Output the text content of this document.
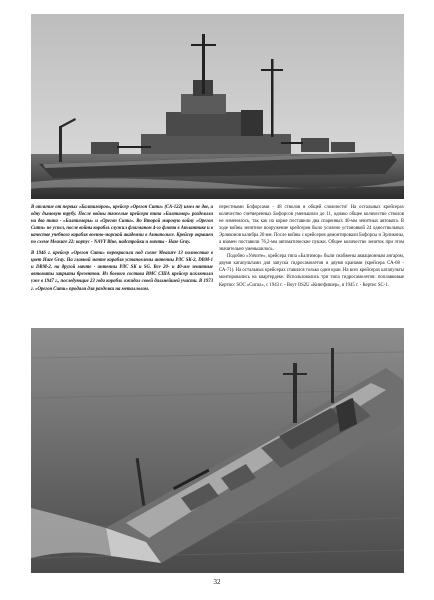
В отличие от первых «Балтиморов», крейсер «Орегон Сити» (СА-122) имел не две, а одну дымовую трубу. После войны тяжелые крейсера типа «Балтимор» разделили на два типа - «Балтиморы» и «Орегон Сити». Во Второй мировую войну «Орегон Сити» не успел, после войны корабль служил флагманом 4-го флота в Атлантике и в качестве учебного корабля военно-морской академии в Аннаполисе. Крейсер окрашен по схеме Measure 22: корпус - NAVY Blue, надстройки и мачты - Haze Gray.

В 1946 г. крейсер «Орегон Сити» перекрасили под схеме Measure 13 полностью в цвет Haze Gray. На главной мачте корабля установлены антенны РЛС SK-2, DBM-1 и DBM-2, на другой мачте - антенны РЛС SK и SG. Все 20- и 40-мм зенитные автоматы закрыты брезентом. Из боевого состава ВМС США крейсер исключили уже в 1947 г., последующие 23 года корабль ожидал своей дальнейшей участи. В 1973 г. «Орегон Сити» продали для разделки на металлолом.

перестными Бофорсами - 48 стволов в общей сложности! На остальных крейсерах количество счетверенных Бофорсов уменьшили до 11, однако общее количество стволов не изменилось, так как на корме поставили два спаренных 40-мм зенитных автомата. В ходе войны зенитное вооружение крейсеров было усилено установкой 24 одноствольных Эрликонов калибра 20 мм. После войны с крейсеров демонтировали Бофорсы и Эрликоны, а взамен поставили 76,2-мм автоматические пушки. Общее количество зениток при этом значительно уменьшилось.

Подобно «Уичите», крейсера типа «Балтимор» были снабжены авиационным ангаром, двумя катапультами для запуска гидросамолетов и двумя кранами (крейсера СА-68 - СА-71). На остальных крейсерах ставился только один кран. На всех крейсерах катапульты монтировались на квартердеке. Использовались три типа гидросамолетов: поплавковые Кертисс SOC «Сигал», с 1943 г. - Воут OS2U «Кингфишер», в 1945 г. - Кертис SC-1.

32
